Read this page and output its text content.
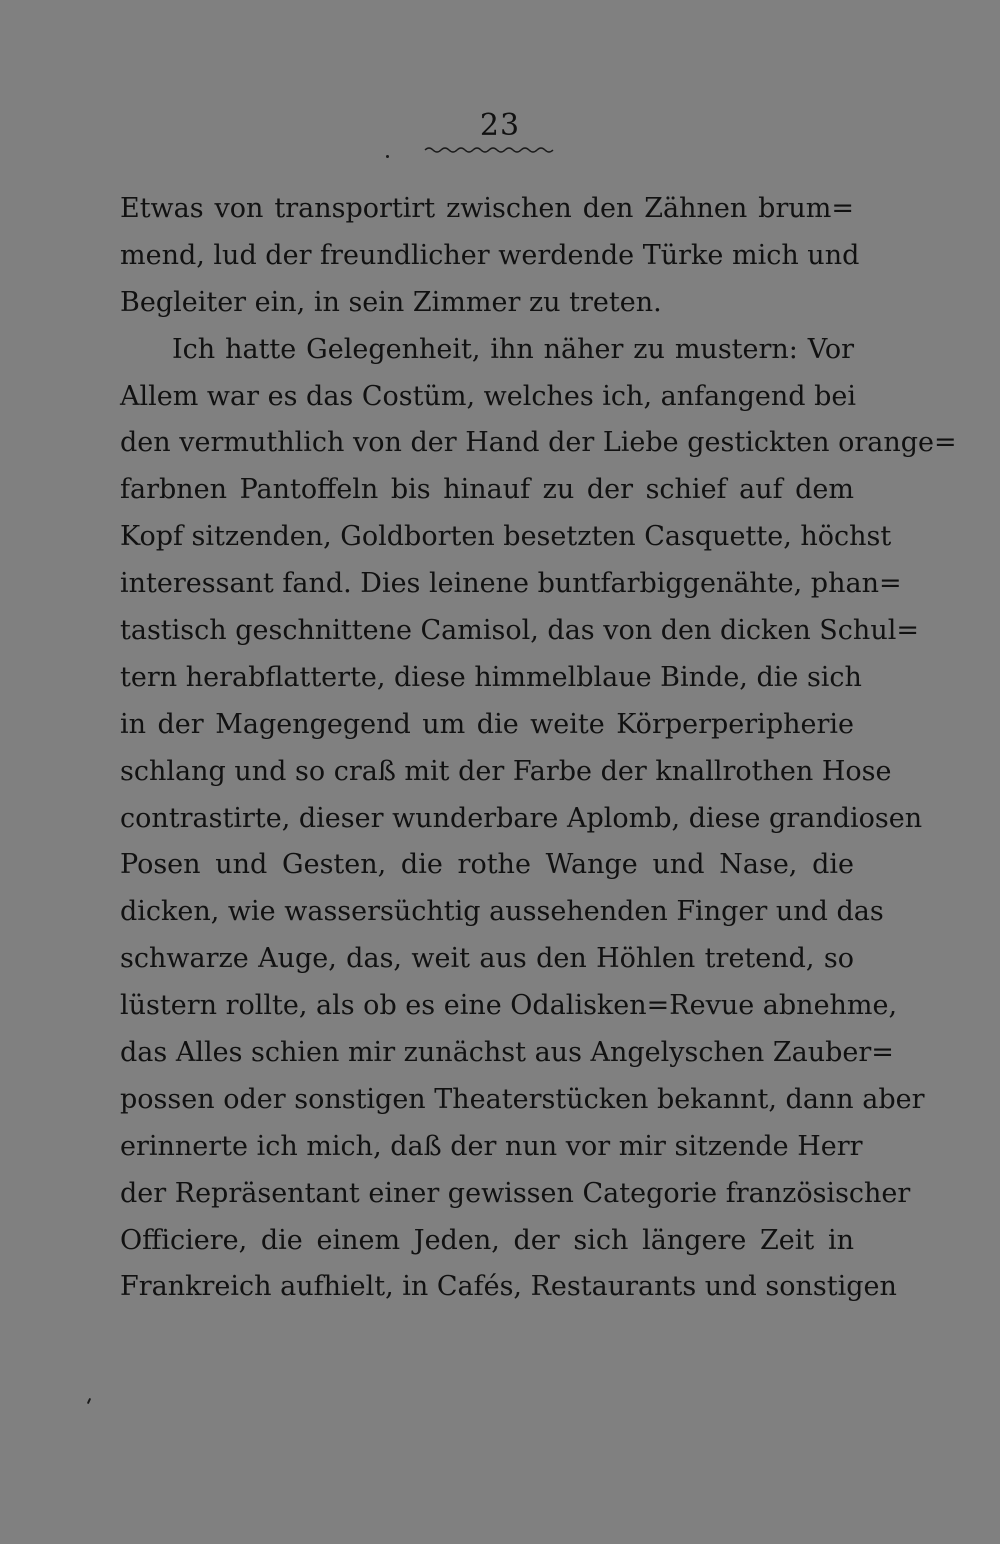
23
Etwas von transportirt zwischen den Zähnen brum=
mend, lud der freundlicher werdende Türke mich und
Begleiter ein, in sein Zimmer zu treten.
Ich hatte Gelegenheit, ihn näher zu mustern: Vor
Allem war es das Costüm, welches ich, anfangend bei
den vermuthlich von der Hand der Liebe gestickten orange=
farbnen Pantoffeln bis hinauf zu der schief auf dem
Kopf sitzenden, Goldborten besetzten Casquette, höchst
interessant fand. Dies leinene buntfarbiggenähte, phan=
tastisch geschnittene Camisol, das von den dicken Schul=
tern herabflatterte, diese himmelblaue Binde, die sich
in der Magengegend um die weite Körperperipherie
schlang und so craß mit der Farbe der knallrothen Hose
contrastirte, dieser wunderbare Aplomb, diese grandiosen
Posen und Gesten, die rothe Wange und Nase, die
dicken, wie wassersüchtig aussehenden Finger und das
schwarze Auge, das, weit aus den Höhlen tretend, so
lüstern rollte, als ob es eine Odalisken=Revue abnehme,
das Alles schien mir zunächst aus Angelyschen Zauber=
possen oder sonstigen Theaterstücken bekannt, dann aber
erinnerte ich mich, daß der nun vor mir sitzende Herr
der Repräsentant einer gewissen Categorie französischer
Officiere, die einem Jeden, der sich längere Zeit in
Frankreich aufhielt, in Cafés, Restaurants und sonstigen
